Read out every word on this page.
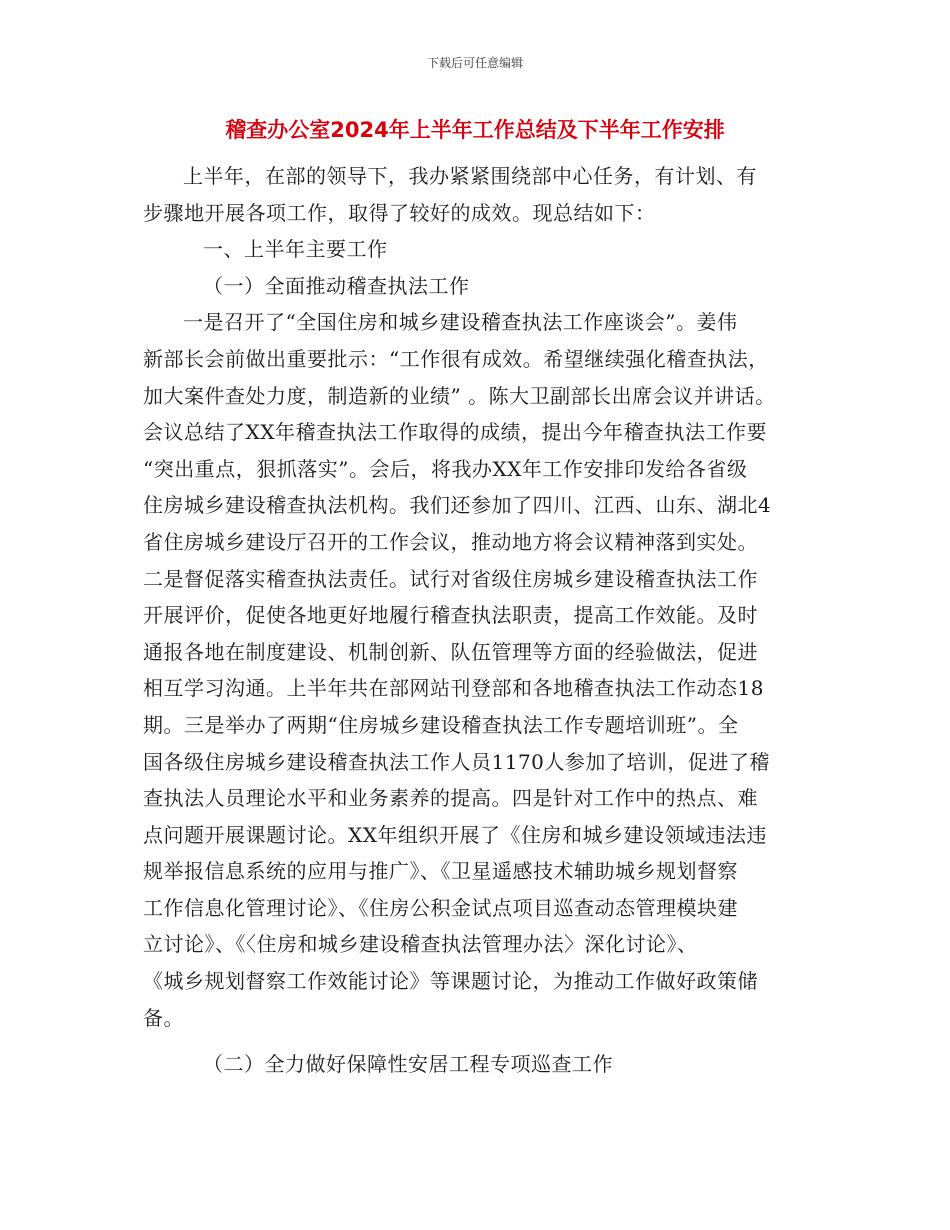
下载后可任意编辑
稽查办公室2024年上半年工作总结及下半年工作安排

上半年，在部的领导下，我办紧紧围绕部中心任务，有计划、有
步骤地开展各项工作，取得了较好的成效。现总结如下：

一、上半年主要工作

（一）全面推动稽查执法工作

一是召开了“全国住房和城乡建设稽查执法工作座谈会”。姜伟
新部长会前做出重要批示：“工作很有成效。希望继续强化稽查执法，
加大案件查处力度，制造新的业绩” 。陈大卫副部长出席会议并讲话。
会议总结了XX年稽查执法工作取得的成绩，提出今年稽查执法工作要
“突出重点，狠抓落实”。会后，将我办XX年工作安排印发给各省级
住房城乡建设稽查执法机构。我们还参加了四川、江西、山东、湖北4
省住房城乡建设厅召开的工作会议，推动地方将会议精神落到实处。
二是督促落实稽查执法责任。试行对省级住房城乡建设稽查执法工作
开展评价，促使各地更好地履行稽查执法职责，提高工作效能。及时
通报各地在制度建设、机制创新、队伍管理等方面的经验做法，促进
相互学习沟通。上半年共在部网站刊登部和各地稽查执法工作动态18
期。三是举办了两期“住房城乡建设稽查执法工作专题培训班”。全
国各级住房城乡建设稽查执法工作人员1170人参加了培训，促进了稽
查执法人员理论水平和业务素养的提高。四是针对工作中的热点、难
点问题开展课题讨论。XX年组织开展了《住房和城乡建设领域违法违
规举报信息系统的应用与推广》、《卫星遥感技术辅助城乡规划督察
工作信息化管理讨论》、《住房公积金试点项目巡查动态管理模块建
立讨论》、《〈住房和城乡建设稽查执法管理办法〉深化讨论》、
《城乡规划督察工作效能讨论》等课题讨论，为推动工作做好政策储
备。

（二）全力做好保障性安居工程专项巡查工作
